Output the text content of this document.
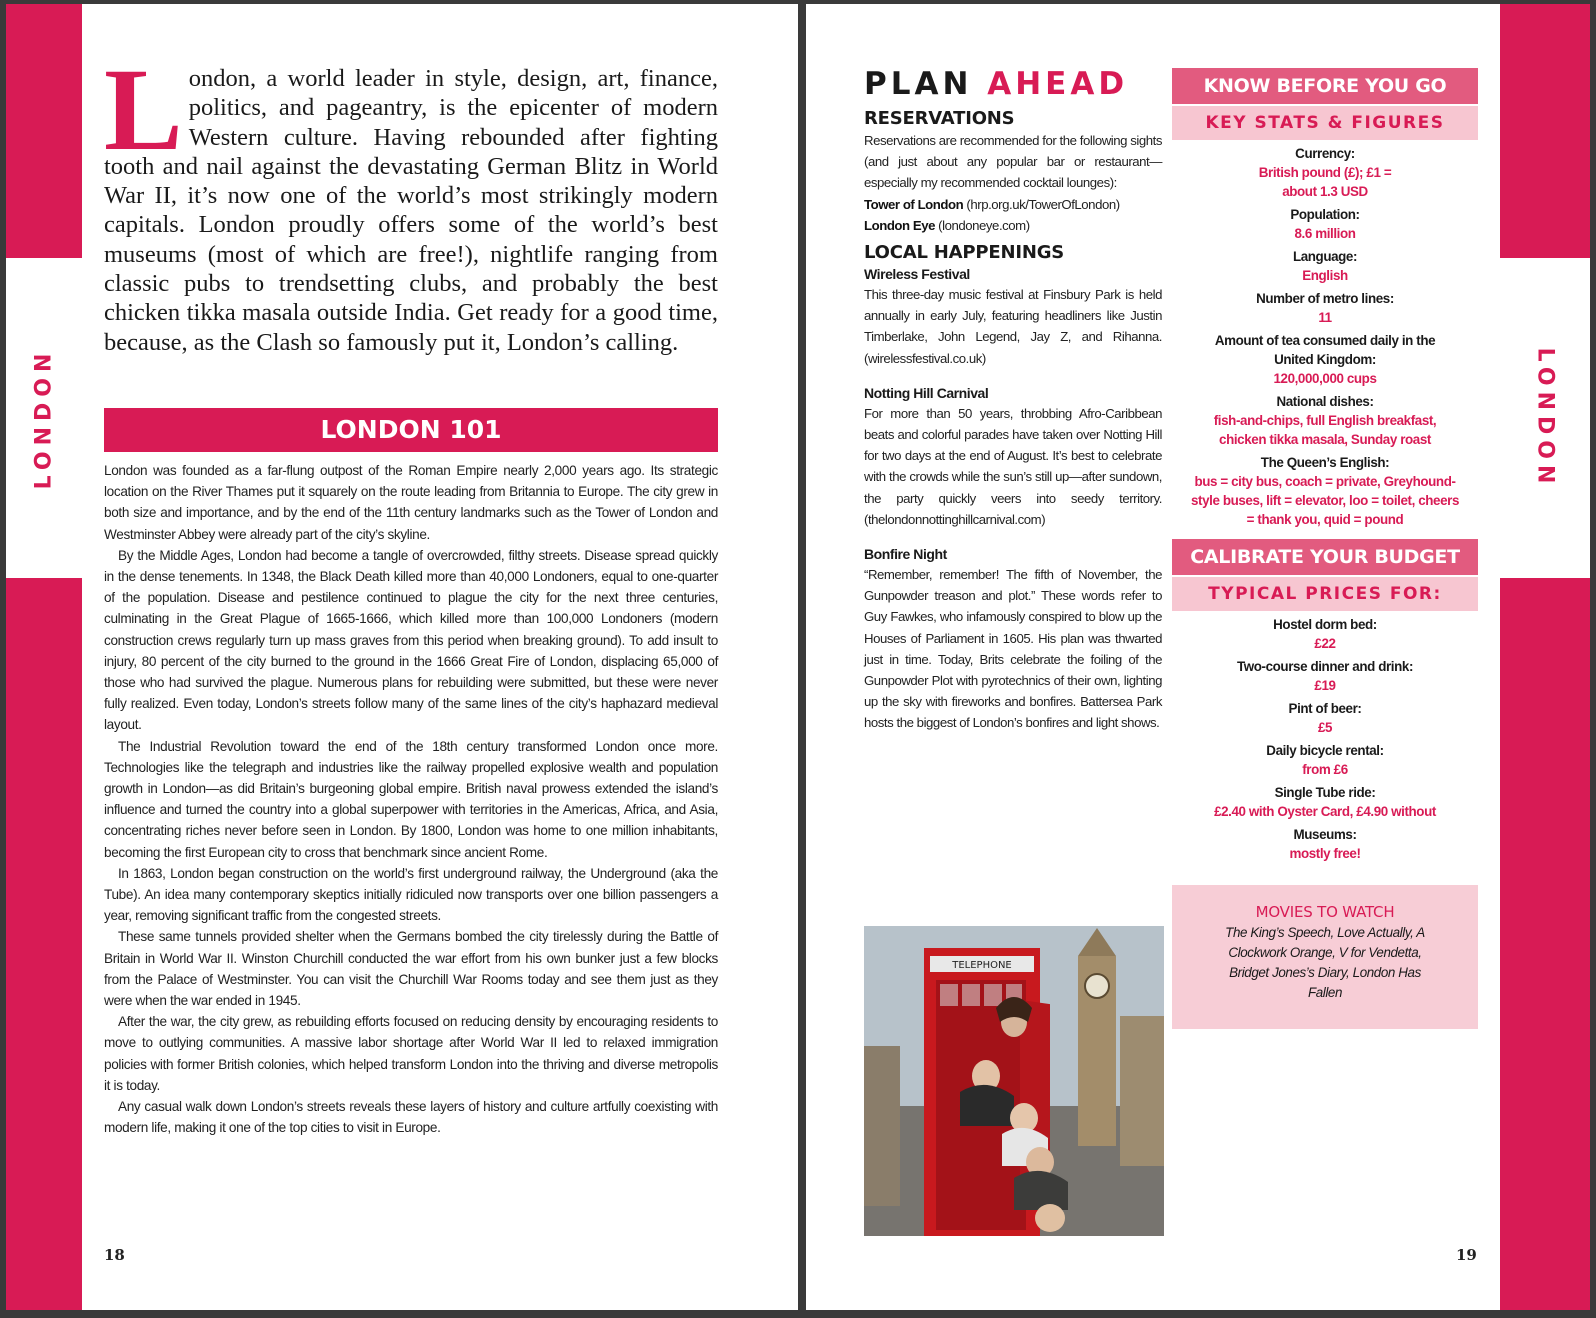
LONDON
London, a world leader in style, design, art, finance, politics, and pageantry, is the epicenter of modern Western culture. Having rebounded after fighting tooth and nail against the devastating German Blitz in World War II, it’s now one of the world’s most strikingly modern capitals. London proudly offers some of the world’s best museums (most of which are free!), nightlife ranging from classic pubs to trendsetting clubs, and probably the best chicken tikka masala outside India. Get ready for a good time, because, as the Clash so famously put it, London’s calling.
LONDON 101

London was founded as a far-flung outpost of the Roman Empire nearly 2,000 years ago. Its strategic location on the River Thames put it squarely on the route leading from Britannia to Europe. The city grew in both size and importance, and by the end of the 11th century landmarks such as the Tower of London and Westminster Abbey were already part of the city’s skyline.

By the Middle Ages, London had become a tangle of overcrowded, filthy streets. Disease spread quickly in the dense tenements. In 1348, the Black Death killed more than 40,000 Londoners, equal to one-quarter of the population. Disease and pestilence continued to plague the city for the next three centuries, culminating in the Great Plague of 1665-1666, which killed more than 100,000 Londoners (modern construction crews regularly turn up mass graves from this period when breaking ground). To add insult to injury, 80 percent of the city burned to the ground in the 1666 Great Fire of London, displacing 65,000 of those who had survived the plague. Numerous plans for rebuilding were submitted, but these were never fully realized. Even today, London’s streets follow many of the same lines of the city’s haphazard medieval layout.

The Industrial Revolution toward the end of the 18th century transformed London once more. Technologies like the telegraph and industries like the railway propelled explosive wealth and population growth in London—as did Britain’s burgeoning global empire. British naval prowess extended the island’s influence and turned the country into a global superpower with territories in the Americas, Africa, and Asia, concentrating riches never before seen in London. By 1800, London was home to one million inhabitants, becoming the first European city to cross that benchmark since ancient Rome.

In 1863, London began construction on the world’s first underground railway, the Underground (aka the Tube). An idea many contemporary skeptics initially ridiculed now transports over one billion passengers a year, removing significant traffic from the congested streets.

These same tunnels provided shelter when the Germans bombed the city tirelessly during the Battle of Britain in World War II. Winston Churchill conducted the war effort from his own bunker just a few blocks from the Palace of Westminster. You can visit the Churchill War Rooms today and see them just as they were when the war ended in 1945.

After the war, the city grew, as rebuilding efforts focused on reducing density by encouraging residents to move to outlying communities. A massive labor shortage after World War II led to relaxed immigration policies with former British colonies, which helped transform London into the thriving and diverse metropolis it is today.

Any casual walk down London’s streets reveals these layers of history and culture artfully coexisting with modern life, making it one of the top cities to visit in Europe.

18
LONDON
PLAN AHEAD
RESERVATIONS

Reservations are recommended for the following sights (and just about any popular bar or restaurant—especially my recommended cocktail lounges):

Tower of London (hrp.org.uk/TowerOfLondon)
London Eye (londoneye.com)
LOCAL HAPPENINGS
Wireless Festival

This three-day music festival at Finsbury Park is held annually in early July, featuring headliners like Justin Timberlake, John Legend, Jay Z, and Rihanna. (wirelessfestival.co.uk)

Notting Hill Carnival

For more than 50 years, throbbing Afro-Caribbean beats and colorful parades have taken over Notting Hill for two days at the end of August. It’s best to celebrate with the crowds while the sun’s still up—after sundown, the party quickly veers into seedy territory. (thelondonnottinghillcarnival.com)

Bonfire Night

“Remember, remember! The fifth of November, the Gunpowder treason and plot.” These words refer to Guy Fawkes, who infamously conspired to blow up the Houses of Parliament in 1605. His plan was thwarted just in time. Today, Brits celebrate the foiling of the Gunpowder Plot with pyrotechnics of their own, lighting up the sky with fireworks and bonfires. Battersea Park hosts the biggest of London’s bonfires and light shows.

TELEPHONE
KNOW BEFORE YOU GO
KEY STATS & FIGURES
Currency:
British pound (£); £1 = about 1.3 USD
Population:
8.6 million
Language:
English
Number of metro lines:
11
Amount of tea consumed daily in the United Kingdom:
120,000,000 cups
National dishes:
fish-and-chips, full English breakfast, chicken tikka masala, Sunday roast
The Queen’s English:
bus = city bus, coach = private, Greyhound-style buses, lift = elevator, loo = toilet, cheers = thank you, quid = pound
CALIBRATE YOUR BUDGET
TYPICAL PRICES FOR:
Hostel dorm bed:
£22
Two-course dinner and drink:
£19
Pint of beer:
£5
Daily bicycle rental:
from £6
Single Tube ride:
£2.40 with Oyster Card, £4.90 without
Museums:
mostly free!
MOVIES TO WATCH
The King’s Speech, Love Actually, A Clockwork Orange, V for Vendetta, Bridget Jones’s Diary, London Has Fallen
19
